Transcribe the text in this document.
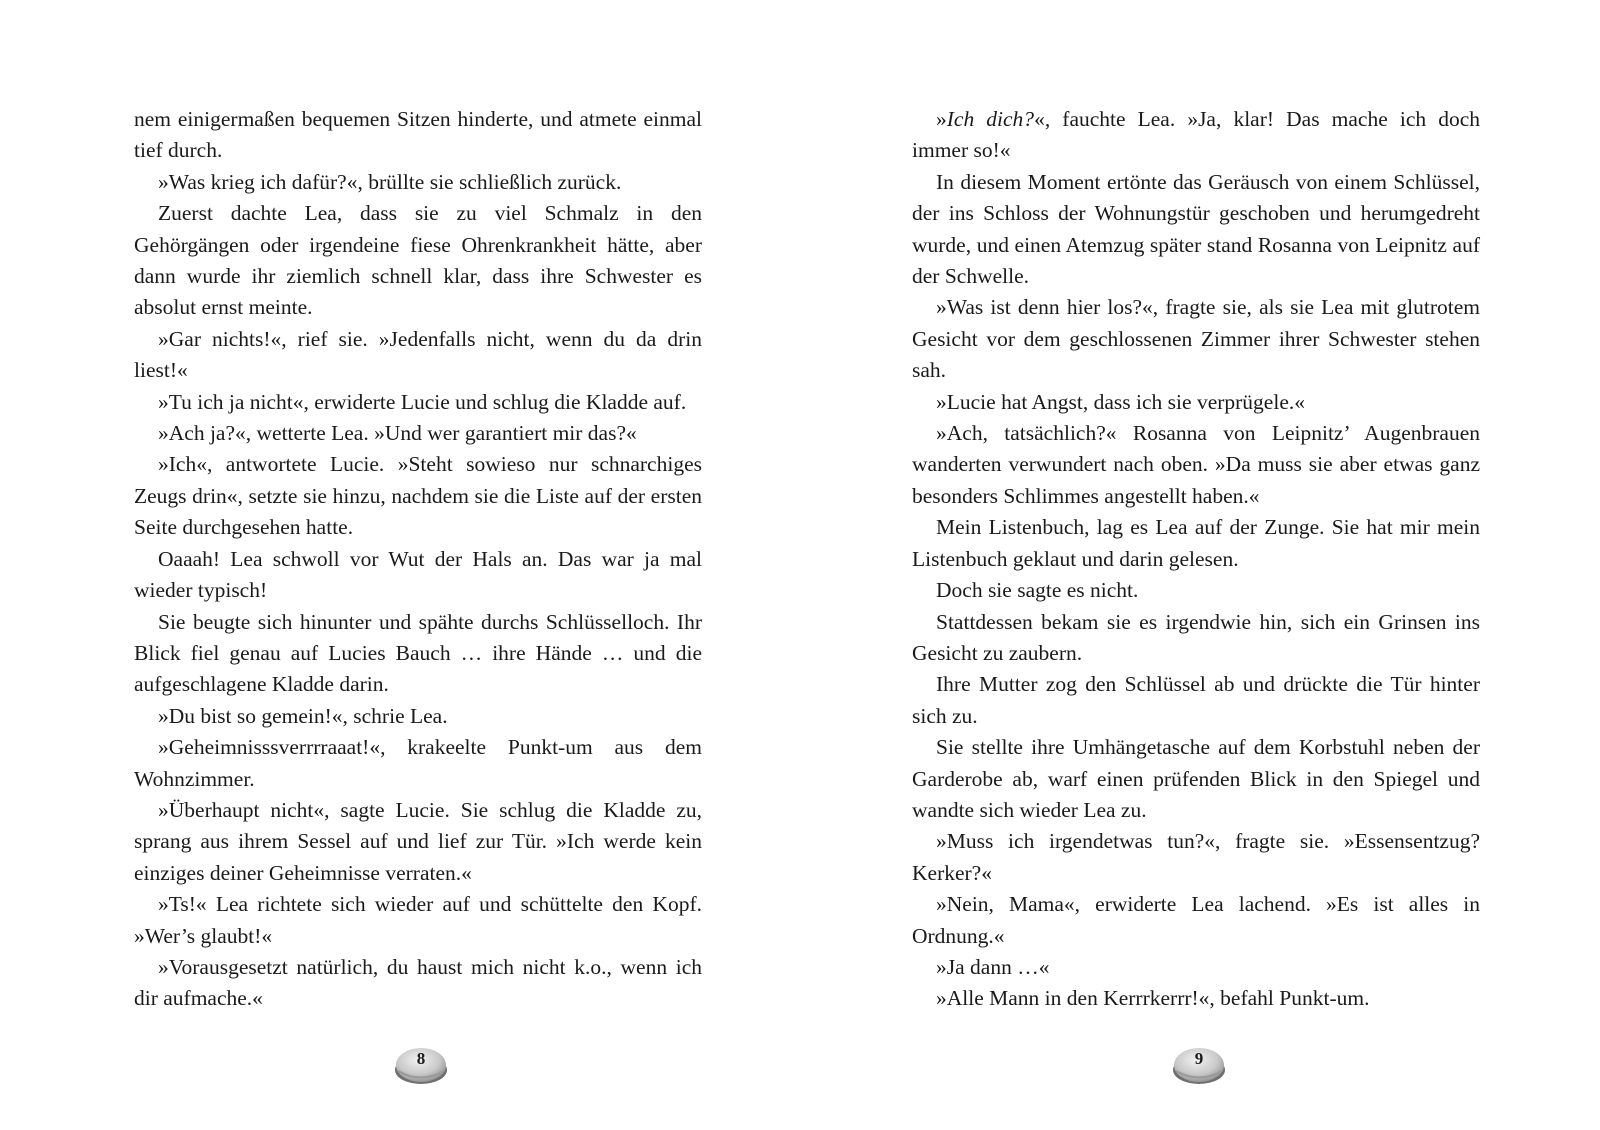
nem einigermaßen bequemen Sitzen hinderte, und atmete einmal tief durch.

»Was krieg ich dafür?«, brüllte sie schließlich zurück.

Zuerst dachte Lea, dass sie zu viel Schmalz in den Gehörgängen oder irgendeine fiese Ohrenkrankheit hätte, aber dann wurde ihr ziemlich schnell klar, dass ihre Schwester es absolut ernst meinte.

»Gar nichts!«, rief sie. »Jedenfalls nicht, wenn du da drin liest!«

»Tu ich ja nicht«, erwiderte Lucie und schlug die Kladde auf.

»Ach ja?«, wetterte Lea. »Und wer garantiert mir das?«

»Ich«, antwortete Lucie. »Steht sowieso nur schnarchiges Zeugs drin«, setzte sie hinzu, nachdem sie die Liste auf der ersten Seite durchgesehen hatte.

Oaaah! Lea schwoll vor Wut der Hals an. Das war ja mal wieder typisch!

Sie beugte sich hinunter und spähte durchs Schlüsselloch. Ihr Blick fiel genau auf Lucies Bauch … ihre Hände … und die aufgeschlagene Kladde darin.

»Du bist so gemein!«, schrie Lea.

»Geheimnisssverrrraaat!«, krakeelte Punkt-um aus dem Wohnzimmer.

»Überhaupt nicht«, sagte Lucie. Sie schlug die Kladde zu, sprang aus ihrem Sessel auf und lief zur Tür. »Ich werde kein einziges deiner Geheimnisse verraten.«

»Ts!« Lea richtete sich wieder auf und schüttelte den Kopf. »Wer’s glaubt!«

»Vorausgesetzt natürlich, du haust mich nicht k.o., wenn ich dir aufmache.«

»Ich dich?«, fauchte Lea. »Ja, klar! Das mache ich doch immer so!«

In diesem Moment ertönte das Geräusch von einem Schlüssel, der ins Schloss der Wohnungstür geschoben und herumgedreht wurde, und einen Atemzug später stand Rosanna von Leipnitz auf der Schwelle.

»Was ist denn hier los?«, fragte sie, als sie Lea mit glutrotem Gesicht vor dem geschlossenen Zimmer ihrer Schwester stehen sah.

»Lucie hat Angst, dass ich sie verprügele.«

»Ach, tatsächlich?« Rosanna von Leipnitz’ Augenbrauen wanderten verwundert nach oben. »Da muss sie aber etwas ganz besonders Schlimmes angestellt haben.«

Mein Listenbuch, lag es Lea auf der Zunge. Sie hat mir mein Listenbuch geklaut und darin gelesen.

Doch sie sagte es nicht.

Stattdessen bekam sie es irgendwie hin, sich ein Grinsen ins Gesicht zu zaubern.

Ihre Mutter zog den Schlüssel ab und drückte die Tür hinter sich zu.

Sie stellte ihre Umhängetasche auf dem Korbstuhl neben der Garderobe ab, warf einen prüfenden Blick in den Spiegel und wandte sich wieder Lea zu.

»Muss ich irgendetwas tun?«, fragte sie. »Essensentzug? Kerker?«

»Nein, Mama«, erwiderte Lea lachend. »Es ist alles in Ordnung.«

»Ja dann …«

»Alle Mann in den Kerrrkerrr!«, befahl Punkt-um.

8	9
